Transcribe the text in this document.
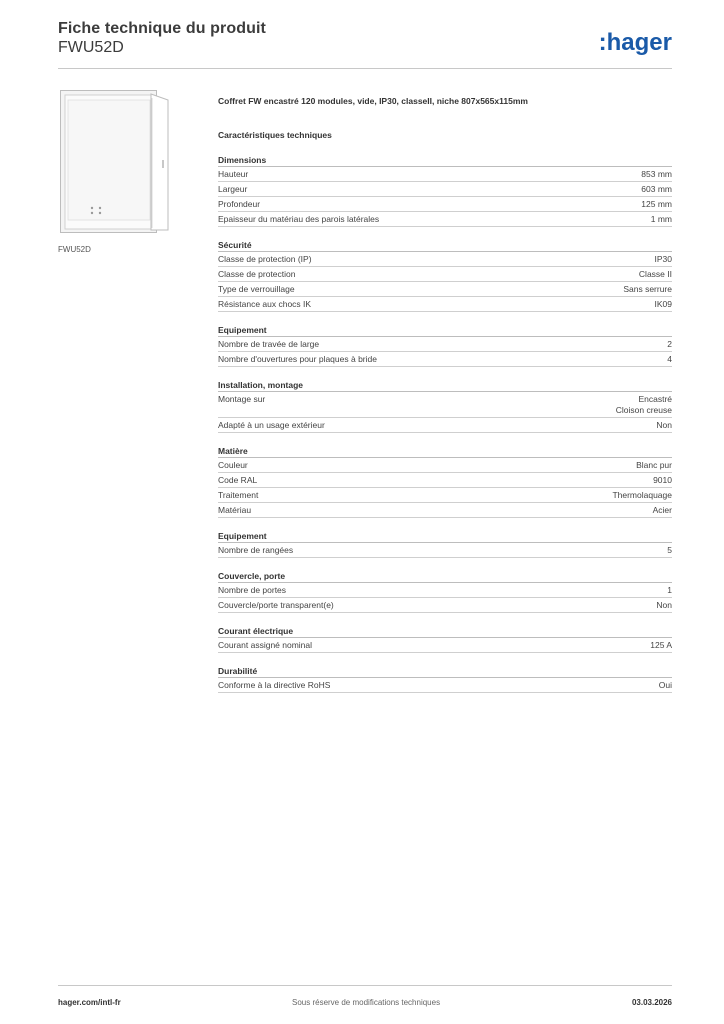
Fiche technique du produit
FWU52D	:hager
FWU52D
Coffret FW encastré 120 modules, vide, IP30, classeII, niche 807x565x115mm
Caractéristiques techniques
Dimensions
Hauteur	853 mm
Largeur	603 mm
Profondeur	125 mm
Epaisseur du matériau des parois latérales	1 mm
Sécurité
Classe de protection (IP)	IP30
Classe de protection	Classe II
Type de verrouillage	Sans serrure
Résistance aux chocs IK	IK09
Equipement
Nombre de travée de large	2
Nombre d'ouvertures pour plaques à bride	4
Installation, montage
Montage sur	Encastré
Cloison creuse
Adapté à un usage extérieur	Non
Matière
Couleur	Blanc pur
Code RAL	9010
Traitement	Thermolaquage
Matériau	Acier
Equipement
Nombre de rangées	5
Couvercle, porte
Nombre de portes	1
Couvercle/porte transparent(e)	Non
Courant électrique
Courant assigné nominal	125 A
Durabilité
Conforme à la directive RoHS	Oui
hager.com/intl-fr	Sous réserve de modifications techniques	03.03.2026
